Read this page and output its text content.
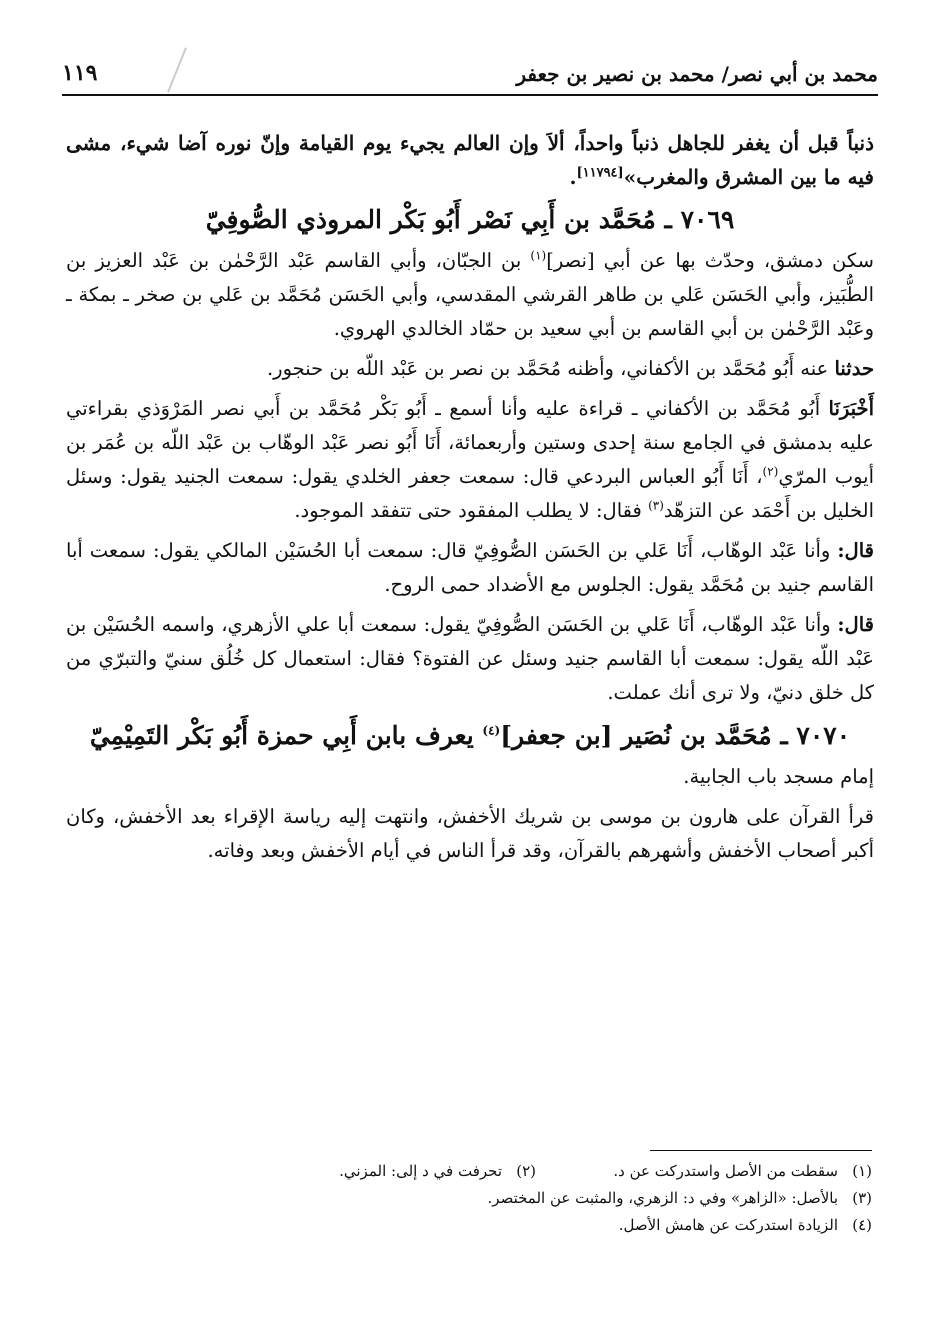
محمد بن أبي نصر/ محمد بن نصير بن جعفر
١١٩

ذنباً قبل أن يغفر للجاهل ذنباً واحداً، ألاَ وإن العالم يجيء يوم القيامة وإنّ نوره آضا شيء، مشى فيه ما بين المشرق والمغرب»[١١٧٩٤].

٧٠٦٩ ـ مُحَمَّد بن أَبِي نَصْر أَبُو بَكْر المروذي الصُّوفِيّ

سكن دمشق، وحدّث بها عن أبي [نصر]$^{(١)}$ بن الجبّان، وأبي القاسم عَبْد الرَّحْمٰن بن عَبْد العزيز بن الطُّبَيز، وأبي الحَسَن عَلي بن طاهر القرشي المقدسي، وأبي الحَسَن مُحَمَّد بن عَلي بن صخر ـ بمكة ـ وعَبْد الرَّحْمٰن بن أبي القاسم بن أبي سعيد بن حمّاد الخالدي الهروي.

حدثنا عنه أَبُو مُحَمَّد بن الأكفاني، وأظنه مُحَمَّد بن نصر بن عَبْد اللّه بن حنجور.

أَخْبَرَنَا أَبُو مُحَمَّد بن الأكفاني ـ قراءة عليه وأنا أسمع ـ أَبُو بَكْر مُحَمَّد بن أَبي نصر المَرْوَذي بقراءتي عليه بدمشق في الجامع سنة إحدى وستين وأربعمائة، أَنَا أَبُو نصر عَبْد الوهّاب بن عَبْد اللّه بن عُمَر بن أيوب المرّي$^{(٢)}$، أَنَا أَبُو العباس البردعي قال: سمعت جعفر الخلدي يقول: سمعت الجنيد يقول: وسئل الخليل بن أَحْمَد عن التزهّد$^{(٣)}$ فقال: لا يطلب المفقود حتى تتفقد الموجود.

قال: وأنا عَبْد الوهّاب، أَنَا عَلي بن الحَسَن الصُّوفِيّ قال: سمعت أبا الحُسَيْن المالكي يقول: سمعت أبا القاسم جنيد بن مُحَمَّد يقول: الجلوس مع الأضداد حمى الروح.

قال: وأنا عَبْد الوهّاب، أَنَا عَلي بن الحَسَن الصُّوفِيّ يقول: سمعت أبا علي الأزهري، واسمه الحُسَيْن بن عَبْد اللّه يقول: سمعت أبا القاسم جنيد وسئل عن الفتوة؟ فقال: استعمال كل خُلُق سنيّ والتبرّي من كل خلق دنيّ، ولا ترى أنك عملت.

٧٠٧٠ ـ مُحَمَّد بن نُصَير [بن جعفر]$^{(٤)}$ يعرف بابن أَبِي حمزة أَبُو بَكْر التَمِيْمِيّ

إمام مسجد باب الجابية.

قرأ القرآن على هارون بن موسى بن شريك الأخفش، وانتهت إليه رياسة الإقراء بعد الأخفش، وكان أكبر أصحاب الأخفش وأشهرهم بالقرآن، وقد قرأ الناس في أيام الأخفش وبعد وفاته.

(١)سقطت من الأصل واستدركت عن د.
(٢)تحرفت في د إلى: المزني.
(٣)بالأصل: «الزاهر» وفي د: الزهري، والمثبت عن المختصر.
(٤)الزيادة استدركت عن هامش الأصل.
